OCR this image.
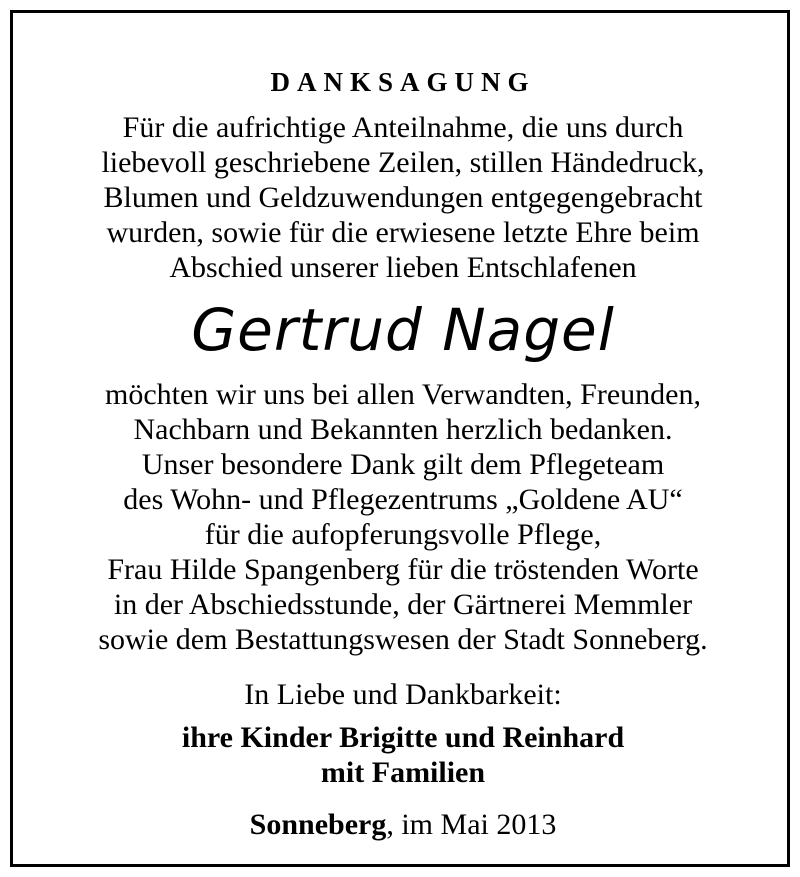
DANKSAGUNG
Für die aufrichtige Anteilnahme, die uns durch
liebevoll geschriebene Zeilen, stillen Händedruck,
Blumen und Geldzuwendungen entgegengebracht
wurden, sowie für die erwiesene letzte Ehre beim
Abschied unserer lieben Entschlafenen
Gertrud Nagel
möchten wir uns bei allen Verwandten, Freunden,
Nachbarn und Bekannten herzlich bedanken.
Unser besondere Dank gilt dem Pflegeteam
des Wohn- und Pflegezentrums „Goldene AU“
für die aufopferungsvolle Pflege,
Frau Hilde Spangenberg für die tröstenden Worte
in der Abschiedsstunde, der Gärtnerei Memmler
sowie dem Bestattungswesen der Stadt Sonneberg.
In Liebe und Dankbarkeit:
ihre Kinder Brigitte und Reinhard
mit Familien
Sonneberg, im Mai 2013
